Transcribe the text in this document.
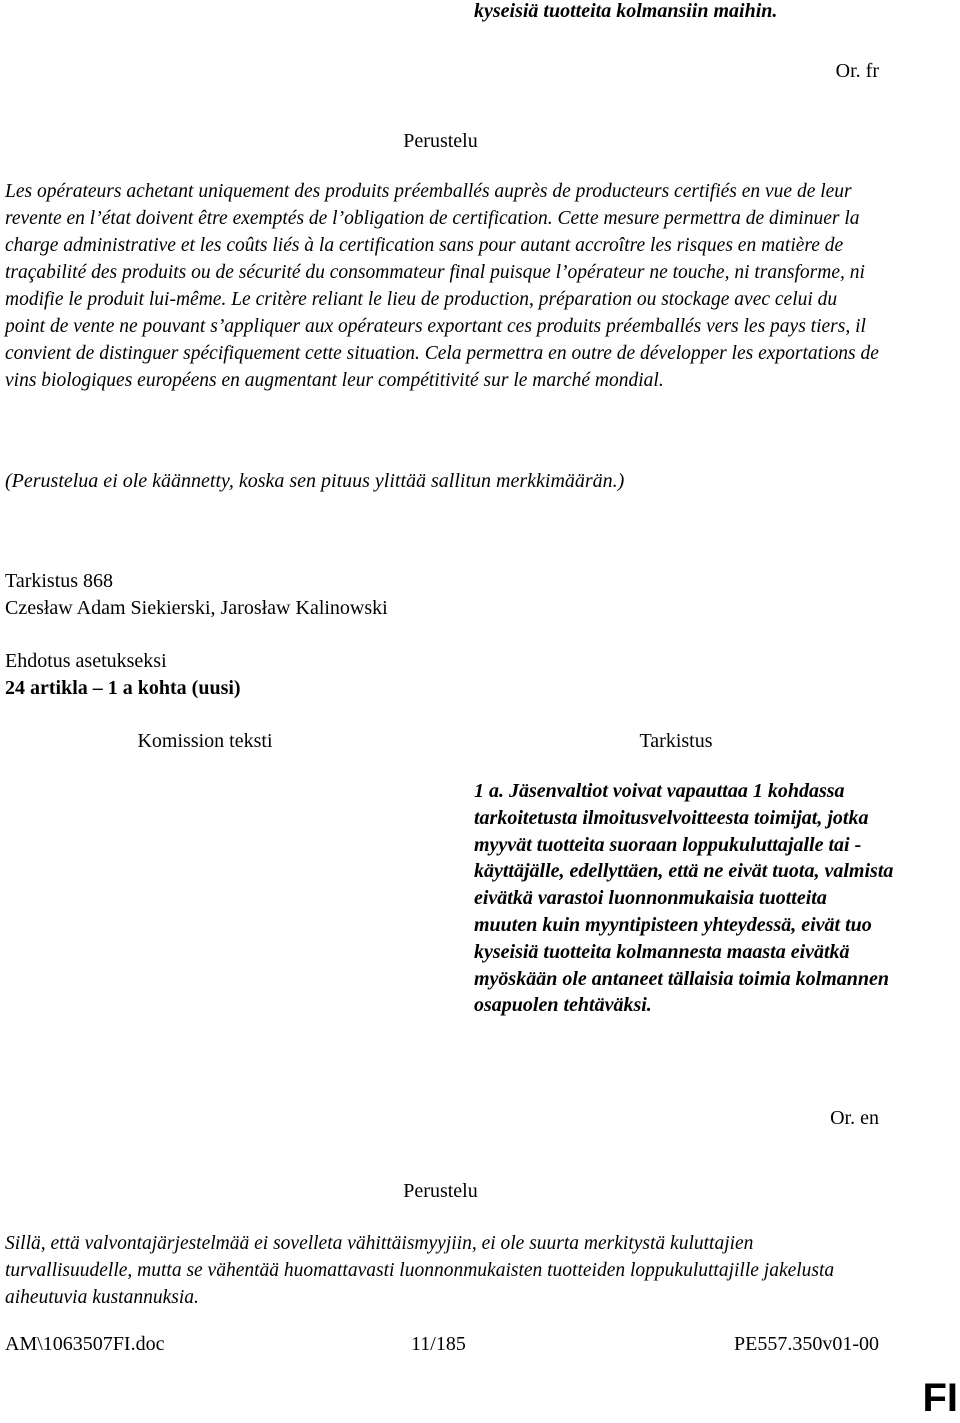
kyseisiä tuotteita kolmansiin maihin.
Or. fr
Perustelu

Les opérateurs achetant uniquement des produits préemballés auprès de producteurs certifiés en vue de leur revente en l’état doivent être exemptés de l’obligation de certification. Cette mesure permettra de diminuer la charge administrative et les coûts liés à la certification sans pour autant accroître les risques en matière de traçabilité des produits ou de sécurité du consommateur final puisque l’opérateur ne touche, ni transforme, ni modifie le produit lui-même. Le critère reliant le lieu de production, préparation ou stockage avec celui du point de vente ne pouvant s’appliquer aux opérateurs exportant ces produits préemballés vers les pays tiers, il convient de distinguer spécifiquement cette situation. Cela permettra en outre de développer les exportations de vins biologiques européens en augmentant leur compétitivité sur le marché mondial.

(Perustelua ei ole käännetty, koska sen pituus ylittää sallitun merkkimäärän.)
Tarkistus 868
Czesław Adam Siekierski, Jarosław Kalinowski
Ehdotus asetukseksi
24 artikla – 1 a kohta (uusi)
Komission teksti	Tarkistus

1 a. Jäsenvaltiot voivat vapauttaa 1 kohdassa tarkoitetusta ilmoitusvelvoitteesta toimijat, jotka myyvät tuotteita suoraan loppukuluttajalle tai -käyttäjälle, edellyttäen, että ne eivät tuota, valmista eivätkä varastoi luonnonmukaisia tuotteita muuten kuin myyntipisteen yhteydessä, eivät tuo kyseisiä tuotteita kolmannesta maasta eivätkä myöskään ole antaneet tällaisia toimia kolmannen osapuolen tehtäväksi.

Or. en
Perustelu

Sillä, että valvontajärjestelmää ei sovelleta vähittäismyyjiin, ei ole suurta merkitystä kuluttajien turvallisuudelle, mutta se vähentää huomattavasti luonnonmukaisten tuotteiden loppukuluttajille jakelusta aiheutuvia kustannuksia.

AM\1063507FI.doc	11/185	PE557.350v01-00
FI
